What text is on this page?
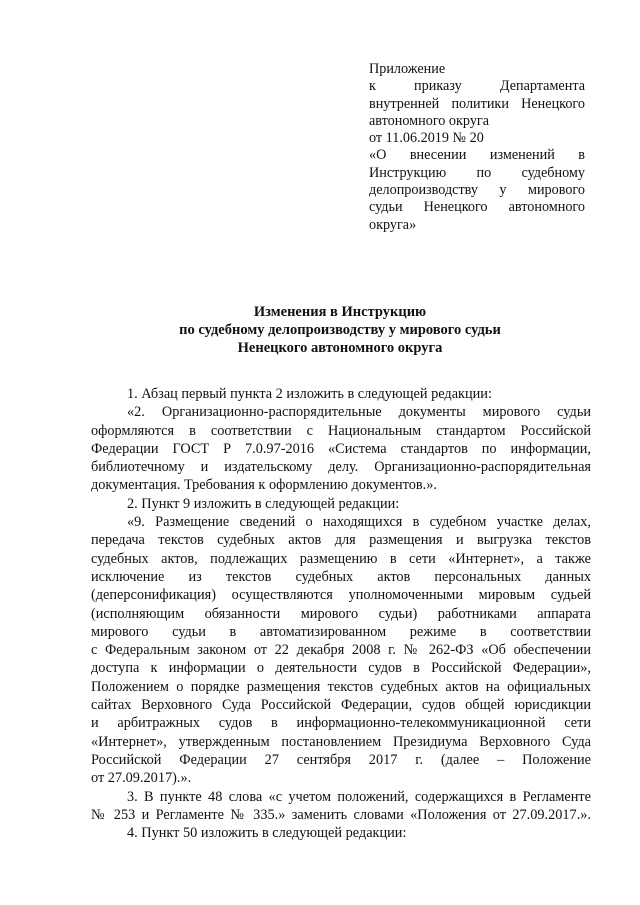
Приложение
к приказу Департамента
внутренней политики Ненецкого
автономного округа
от 11.06.2019 № 20
«О внесении изменений в
Инструкцию по судебному
делопроизводству у мирового
судьи Ненецкого автономного
округа»
Изменения в Инструкцию
по судебному делопроизводству у мирового судьи
Ненецкого автономного округа
1. Абзац первый пункта 2 изложить в следующей редакции:
«2. Организационно-распорядительные документы мирового судьи
оформляются в соответствии с Национальным стандартом Российской
Федерации ГОСТ Р 7.0.97-2016 «Система стандартов по информации,
библиотечному и издательскому делу. Организационно-распорядительная
документация. Требования к оформлению документов.».
2. Пункт 9 изложить в следующей редакции:
«9. Размещение сведений о находящихся в судебном участке делах,
передача текстов судебных актов для размещения и выгрузка текстов
судебных актов, подлежащих размещению в сети «Интернет», а также
исключение из текстов судебных актов персональных данных
(деперсонификация) осуществляются уполномоченными мировым судьей
(исполняющим обязанности мирового судьи) работниками аппарата
мирового судьи в автоматизированном режиме в соответствии
с Федеральным законом от 22 декабря 2008 г. № 262-ФЗ «Об обеспечении
доступа к информации о деятельности судов в Российской Федерации»,
Положением о порядке размещения текстов судебных актов на официальных
сайтах Верховного Суда Российской Федерации, судов общей юрисдикции
и арбитражных судов в информационно-телекоммуникационной сети
«Интернет», утвержденным постановлением Президиума Верховного Суда
Российской Федерации 27 сентября 2017 г. (далее – Положение
от 27.09.2017).».
3. В пункте 48 слова «с учетом положений, содержащихся в Регламенте
№ 253 и Регламенте № 335.» заменить словами «Положения от 27.09.2017.».
4. Пункт 50 изложить в следующей редакции:
